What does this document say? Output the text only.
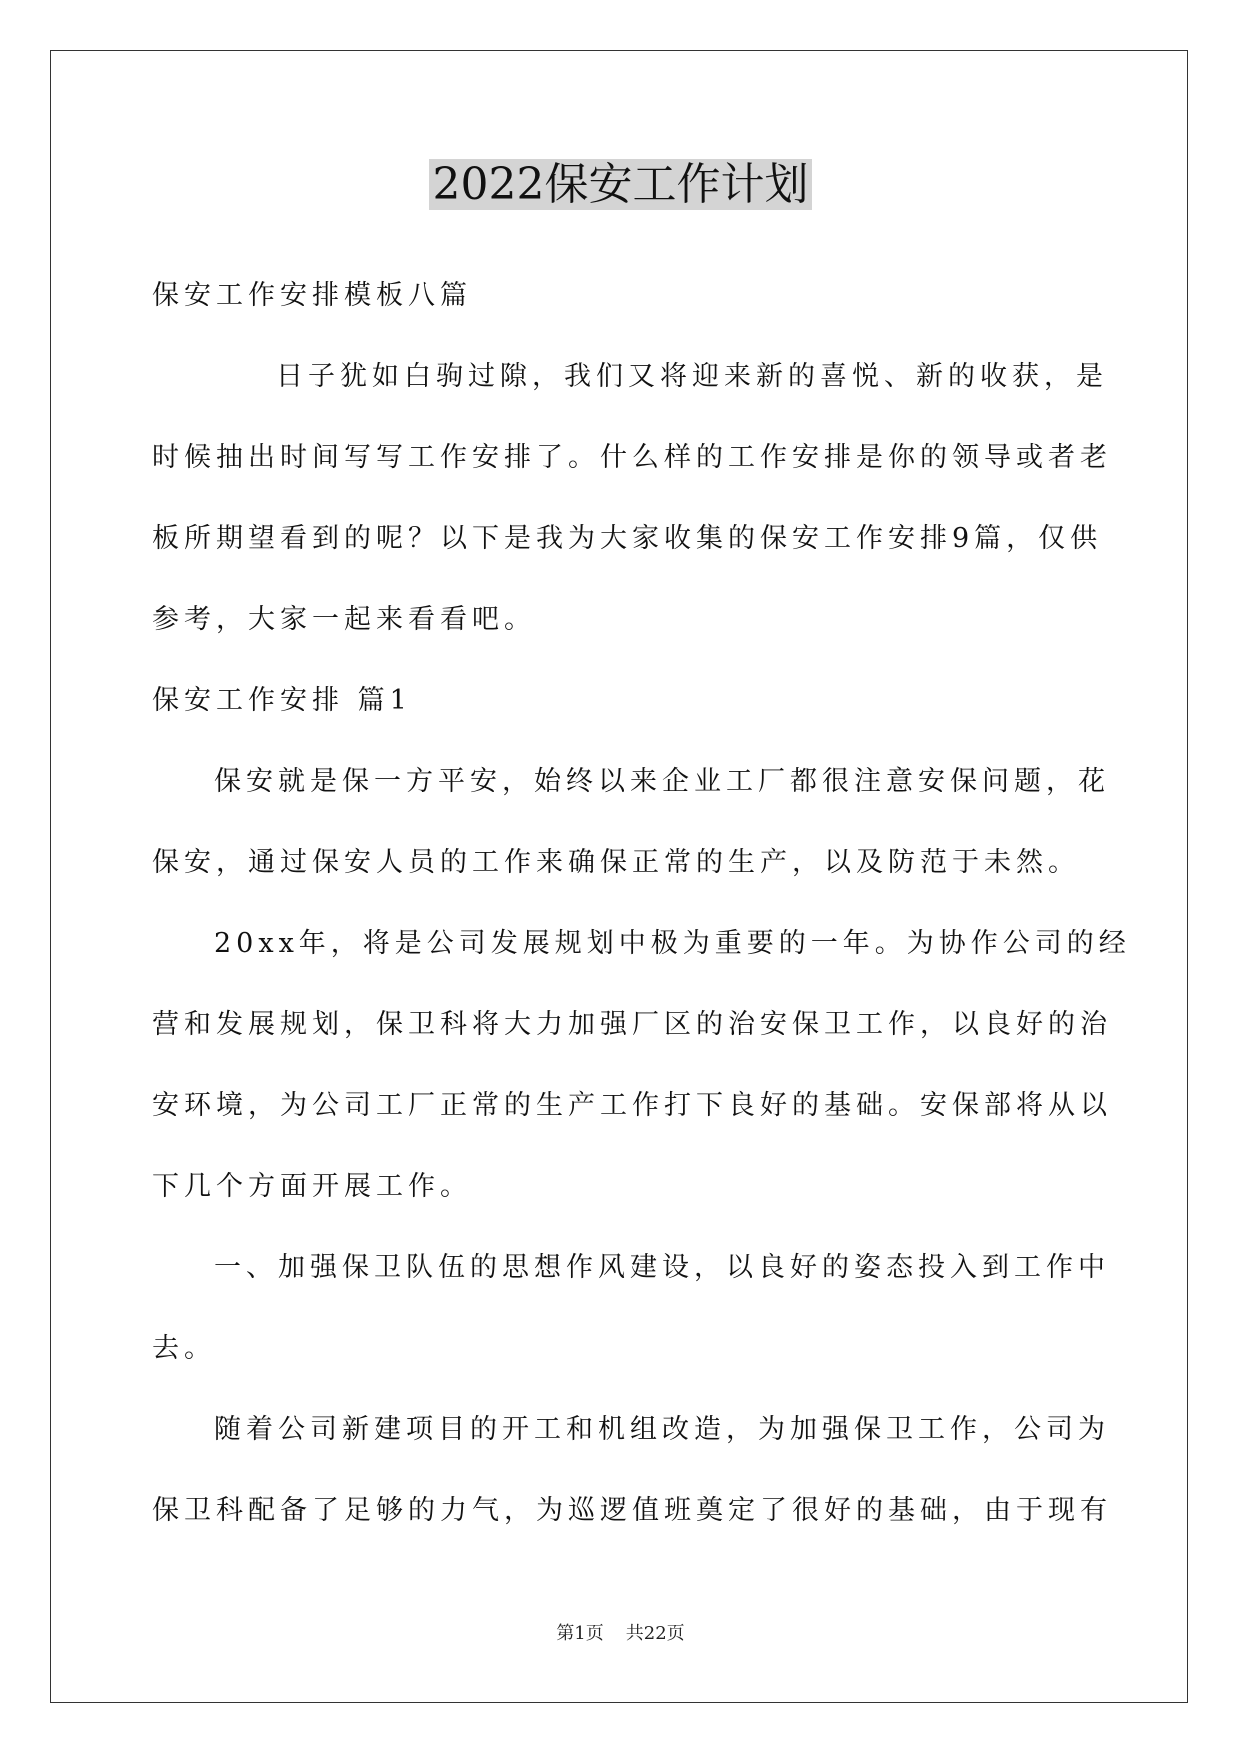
2022保安工作计划
保安工作安排模板八篇
日子犹如白驹过隙，我们又将迎来新的喜悦、新的收获，是
时候抽出时间写写工作安排了。什么样的工作安排是你的领导或者老
板所期望看到的呢？以下是我为大家收集的保安工作安排9篇，仅供
参考，大家一起来看看吧。
保安工作安排 篇1
保安就是保一方平安，始终以来企业工厂都很注意安保问题，花
保安，通过保安人员的工作来确保正常的生产，以及防范于未然。
20xx年，将是公司发展规划中极为重要的一年。为协作公司的经
营和发展规划，保卫科将大力加强厂区的治安保卫工作，以良好的治
安环境，为公司工厂正常的生产工作打下良好的基础。安保部将从以
下几个方面开展工作。
一、加强保卫队伍的思想作风建设，以良好的姿态投入到工作中
去。
随着公司新建项目的开工和机组改造，为加强保卫工作，公司为
保卫科配备了足够的力气，为巡逻值班奠定了很好的基础，由于现有
第1页 共22页
